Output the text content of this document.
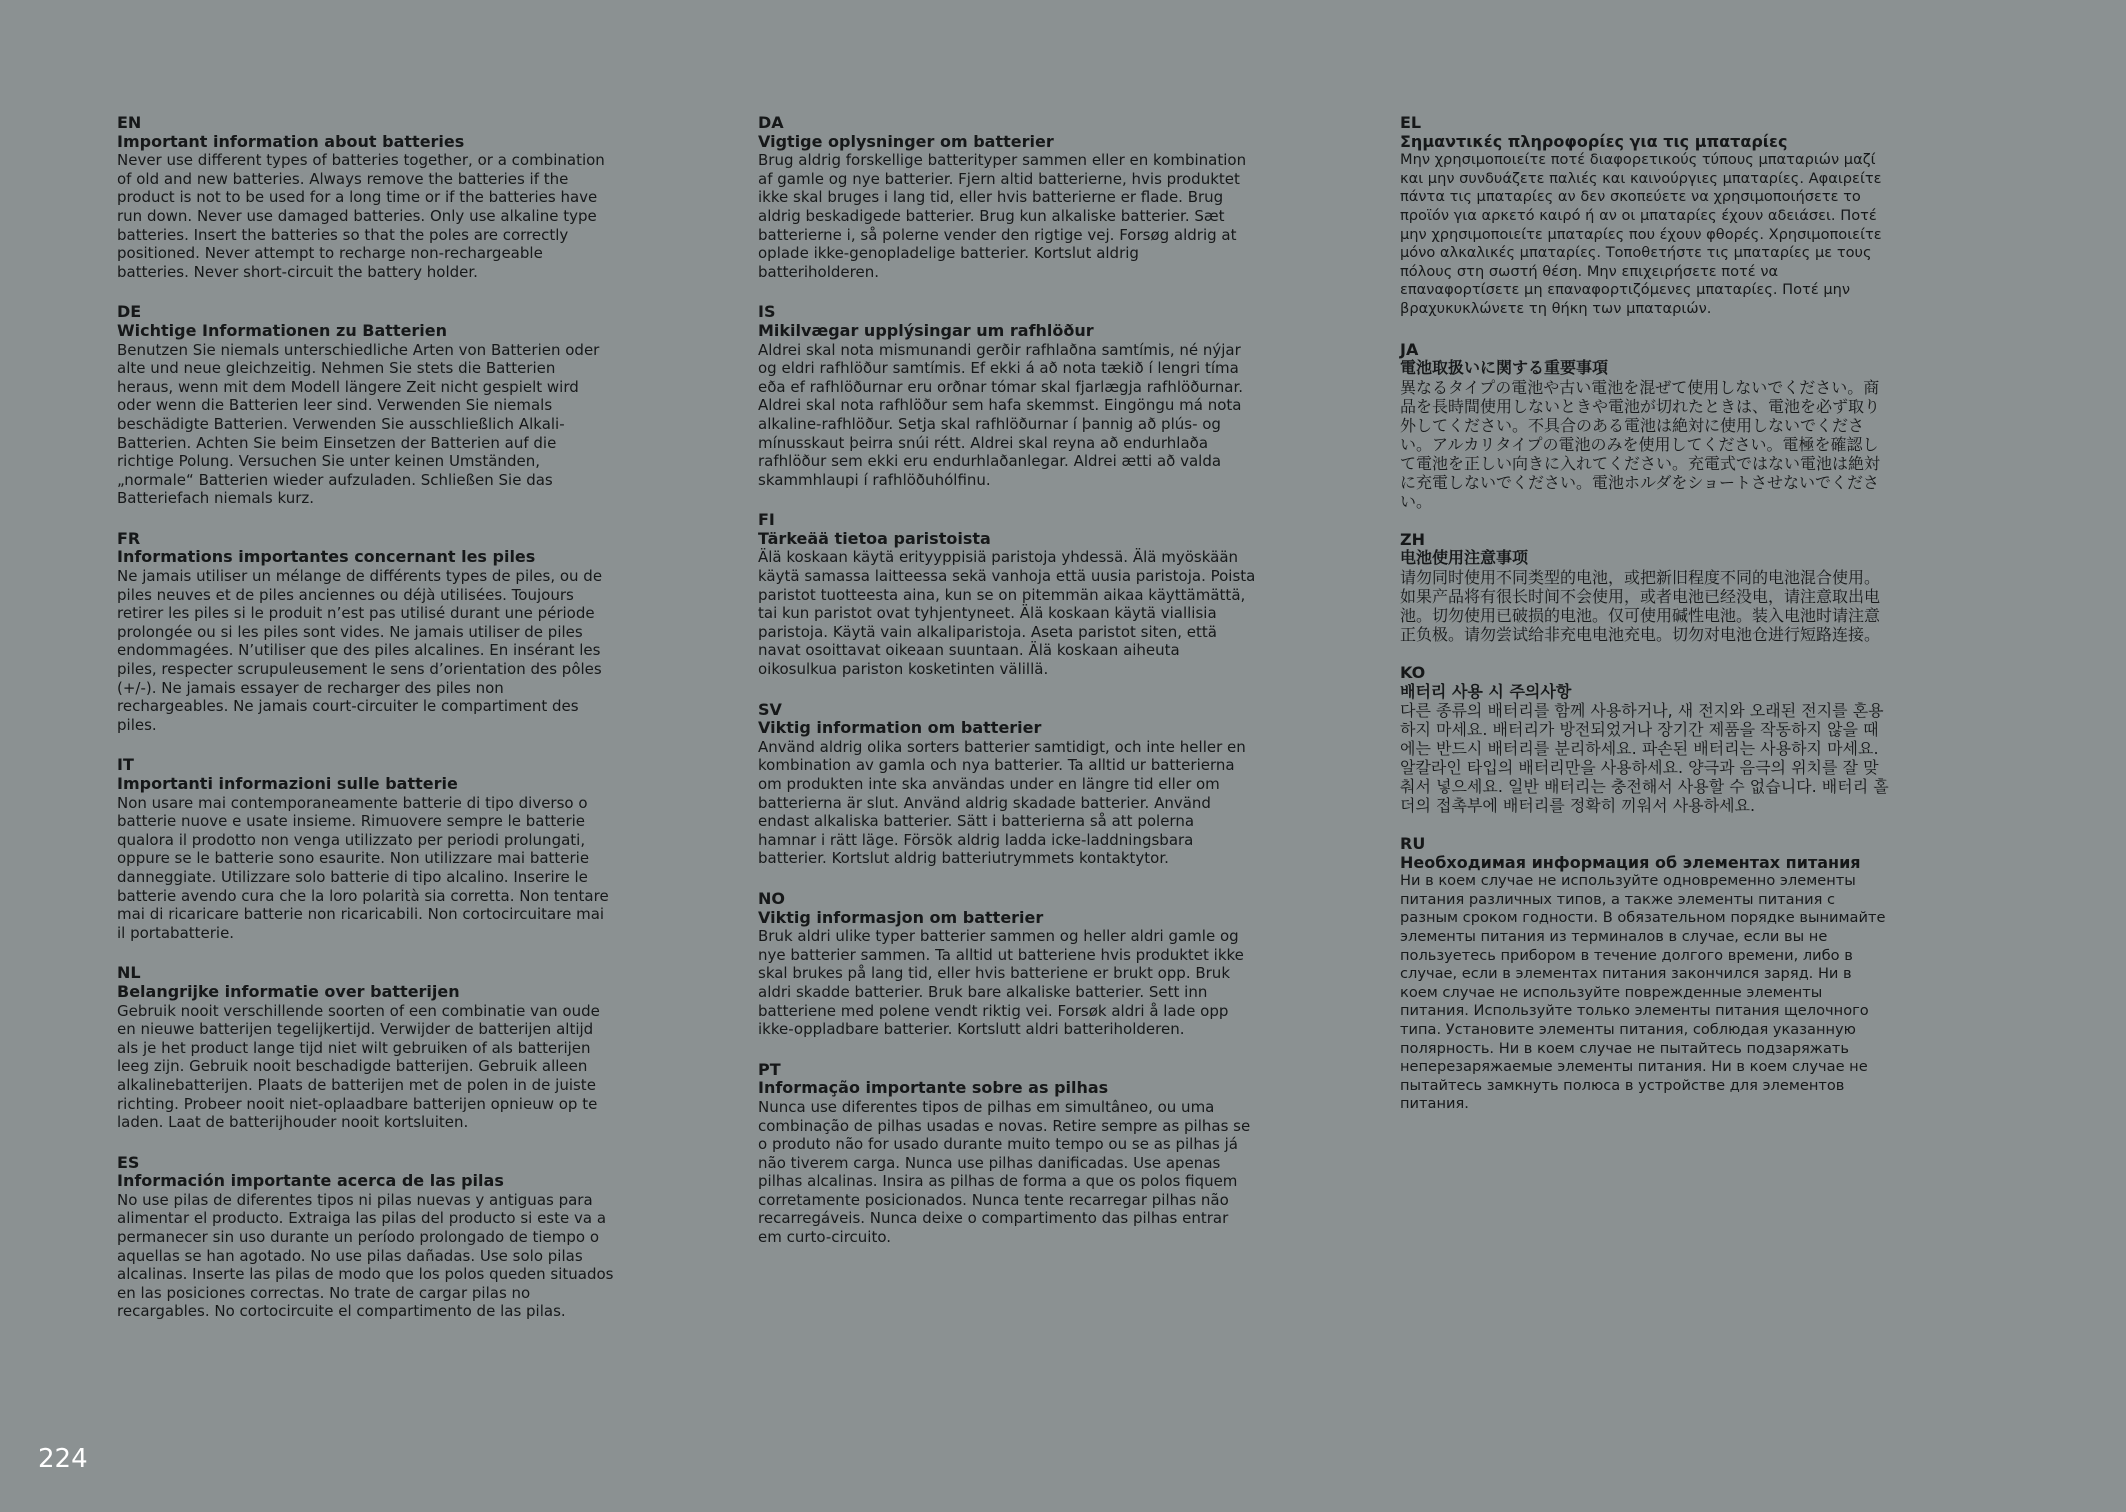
EN

Important information about batteries

Never use different types of batteries together, or a combination of old and new batteries. Always remove the batteries if the product is not to be used for a long time or if the batteries have run down. Never use damaged batteries. Only use alkaline type batteries. Insert the batteries so that the poles are correctly positioned. Never attempt to recharge non-rechargeable batteries. Never short-circuit the battery holder.

DE

Wichtige Informationen zu Batterien

Benutzen Sie niemals unterschiedliche Arten von Batterien oder alte und neue gleichzeitig. Nehmen Sie stets die Batterien heraus, wenn mit dem Modell längere Zeit nicht gespielt wird oder wenn die Batterien leer sind. Verwenden Sie niemals beschädigte Batterien. Verwenden Sie ausschließlich Alkali-Batterien. Achten Sie beim Einsetzen der Batterien auf die richtige Polung. Versuchen Sie unter keinen Umständen, „normale“ Batterien wieder aufzuladen. Schließen Sie das Batteriefach niemals kurz.

FR

Informations importantes concernant les piles

Ne jamais utiliser un mélange de différents types de piles, ou de piles neuves et de piles anciennes ou déjà utilisées. Toujours retirer les piles si le produit n’est pas utilisé durant une période prolongée ou si les piles sont vides. Ne jamais utiliser de piles endommagées. N’utiliser que des piles alcalines. En insérant les piles, respecter scrupuleusement le sens d’orientation des pôles (+/-). Ne jamais essayer de recharger des piles non rechargeables. Ne jamais court-circuiter le compartiment des piles.

IT

Importanti informazioni sulle batterie

Non usare mai contemporaneamente batterie di tipo diverso o batterie nuove e usate insieme. Rimuovere sempre le batterie qualora il prodotto non venga utilizzato per periodi prolungati, oppure se le batterie sono esaurite. Non utilizzare mai batterie danneggiate. Utilizzare solo batterie di tipo alcalino. Inserire le batterie avendo cura che la loro polarità sia corretta. Non tentare mai di ricaricare batterie non ricaricabili. Non cortocircuitare mai il portabatterie.

NL

Belangrijke informatie over batterijen

Gebruik nooit verschillende soorten of een combinatie van oude en nieuwe batterijen tegelijkertijd. Verwijder de batterijen altijd als je het product lange tijd niet wilt gebruiken of als batterijen leeg zijn. Gebruik nooit beschadigde batterijen. Gebruik alleen alkalinebatterijen. Plaats de batterijen met de polen in de juiste richting. Probeer nooit niet-oplaadbare batterijen opnieuw op te laden. Laat de batterijhouder nooit kortsluiten.

ES

Información importante acerca de las pilas

No use pilas de diferentes tipos ni pilas nuevas y antiguas para alimentar el producto. Extraiga las pilas del producto si este va a permanecer sin uso durante un período prolongado de tiempo o aquellas se han agotado. No use pilas dañadas. Use solo pilas alcalinas. Inserte las pilas de modo que los polos queden situados en las posiciones correctas. No trate de cargar pilas no recargables. No cortocircuite el compartimento de las pilas.

DA

Vigtige oplysninger om batterier

Brug aldrig forskellige batterityper sammen eller en kombination af gamle og nye batterier. Fjern altid batterierne, hvis produktet ikke skal bruges i lang tid, eller hvis batterierne er flade. Brug aldrig beskadigede batterier. Brug kun alkaliske batterier. Sæt batterierne i, så polerne vender den rigtige vej. Forsøg aldrig at oplade ikke-genopladelige batterier. Kortslut aldrig batteriholderen.

IS

Mikilvægar upplýsingar um rafhlöður

Aldrei skal nota mismunandi gerðir rafhlaðna samtímis, né nýjar og eldri rafhlöður samtímis. Ef ekki á að nota tækið í lengri tíma eða ef rafhlöðurnar eru orðnar tómar skal fjarlægja rafhlöðurnar. Aldrei skal nota rafhlöður sem hafa skemmst. Eingöngu má nota alkaline-rafhlöður. Setja skal rafhlöðurnar í þannig að plús- og mínusskaut þeirra snúi rétt. Aldrei skal reyna að endurhlaða rafhlöður sem ekki eru endurhlaðanlegar. Aldrei ætti að valda skammhlaupi í rafhlöðuhólfinu.

FI

Tärkeää tietoa paristoista

Älä koskaan käytä erityyppisiä paristoja yhdessä. Älä myöskään käytä samassa laitteessa sekä vanhoja että uusia paristoja. Poista paristot tuotteesta aina, kun se on pitemmän aikaa käyttämättä, tai kun paristot ovat tyhjentyneet. Älä koskaan käytä viallisia paristoja. Käytä vain alkaliparistoja. Aseta paristot siten, että navat osoittavat oikeaan suuntaan. Älä koskaan aiheuta oikosulkua pariston kosketinten välillä.

SV

Viktig information om batterier

Använd aldrig olika sorters batterier samtidigt, och inte heller en kombination av gamla och nya batterier. Ta alltid ur batterierna om produkten inte ska användas under en längre tid eller om batterierna är slut. Använd aldrig skadade batterier. Använd endast alkaliska batterier. Sätt i batterierna så att polerna hamnar i rätt läge. Försök aldrig ladda icke-laddningsbara batterier. Kortslut aldrig batteriutrymmets kontaktytor.

NO

Viktig informasjon om batterier

Bruk aldri ulike typer batterier sammen og heller aldri gamle og nye batterier sammen. Ta alltid ut batteriene hvis produktet ikke skal brukes på lang tid, eller hvis batteriene er brukt opp. Bruk aldri skadde batterier. Bruk bare alkaliske batterier. Sett inn batteriene med polene vendt riktig vei. Forsøk aldri å lade opp ikke-oppladbare batterier. Kortslutt aldri batteriholderen.

PT

Informação importante sobre as pilhas

Nunca use diferentes tipos de pilhas em simultâneo, ou uma combinação de pilhas usadas e novas. Retire sempre as pilhas se o produto não for usado durante muito tempo ou se as pilhas já não tiverem carga. Nunca use pilhas danificadas. Use apenas pilhas alcalinas. Insira as pilhas de forma a que os polos fiquem corretamente posicionados. Nunca tente recarregar pilhas não recarregáveis. Nunca deixe o compartimento das pilhas entrar em curto-circuito.

EL

Σημαντικές πληροφορίες για τις μπαταρίες

Μην χρησιμοποιείτε ποτέ διαφορετικούς τύπους μπαταριών μαζί και μην συνδυάζετε παλιές και καινούργιες μπαταρίες. Αφαιρείτε πάντα τις μπαταρίες αν δεν σκοπεύετε να χρησιμοποιήσετε το προϊόν για αρκετό καιρό ή αν οι μπαταρίες έχουν αδειάσει. Ποτέ μην χρησιμοποιείτε μπαταρίες που έχουν φθορές. Χρησιμοποιείτε μόνο αλκαλικές μπαταρίες. Τοποθετήστε τις μπαταρίες με τους πόλους στη σωστή θέση. Μην επιχειρήσετε ποτέ να επαναφορτίσετε μη επαναφορτιζόμενες μπαταρίες. Ποτέ μην βραχυκυκλώνετε τη θήκη των μπαταριών.

JA

電池取扱いに関する重要事項

異なるタイプの電池や古い電池を混ぜて使用しないでください。商品を長時間使用しないときや電池が切れたときは、電池を必ず取り外してください。不具合のある電池は絶対に使用しないでください。アルカリタイプの電池のみを使用してください。電極を確認して電池を正しい向きに入れてください。充電式ではない電池は絶対に充電しないでください。電池ホルダをショートさせないでください。

ZH

电池使用注意事项

请勿同时使用不同类型的电池，或把新旧程度不同的电池混合使用。如果产品将有很长时间不会使用，或者电池已经没电，请注意取出电池。切勿使用已破损的电池。仅可使用碱性电池。装入电池时请注意正负极。请勿尝试给非充电电池充电。切勿对电池仓进行短路连接。

KO

배터리 사용 시 주의사항

다른 종류의 배터리를 함께 사용하거나, 새 전지와 오래된 전지를 혼용하지 마세요. 배터리가 방전되었거나 장기간 제품을 작동하지 않을 때에는 반드시 배터리를 분리하세요. 파손된 배터리는 사용하지 마세요. 알칼라인 타입의 배터리만을 사용하세요. 양극과 음극의 위치를 잘 맞춰서 넣으세요. 일반 배터리는 충전해서 사용할 수 없습니다. 배터리 홀더의 접촉부에 배터리를 정확히 끼워서 사용하세요.

RU

Необходимая информация об элементах питания

Ни в коем случае не используйте одновременно элементы питания различных типов, а также элементы питания с разным сроком годности. В обязательном порядке вынимайте элементы питания из терминалов в случае, если вы не пользуетесь прибором в течение долгого времени, либо в случае, если в элементах питания закончился заряд. Ни в коем случае не используйте поврежденные элементы питания. Используйте только элементы питания щелочного типа. Установите элементы питания, соблюдая указанную полярность. Ни в коем случае не пытайтесь подзаряжать неперезаряжаемые элементы питания. Ни в коем случае не пытайтесь замкнуть полюса в устройстве для элементов питания.

224
